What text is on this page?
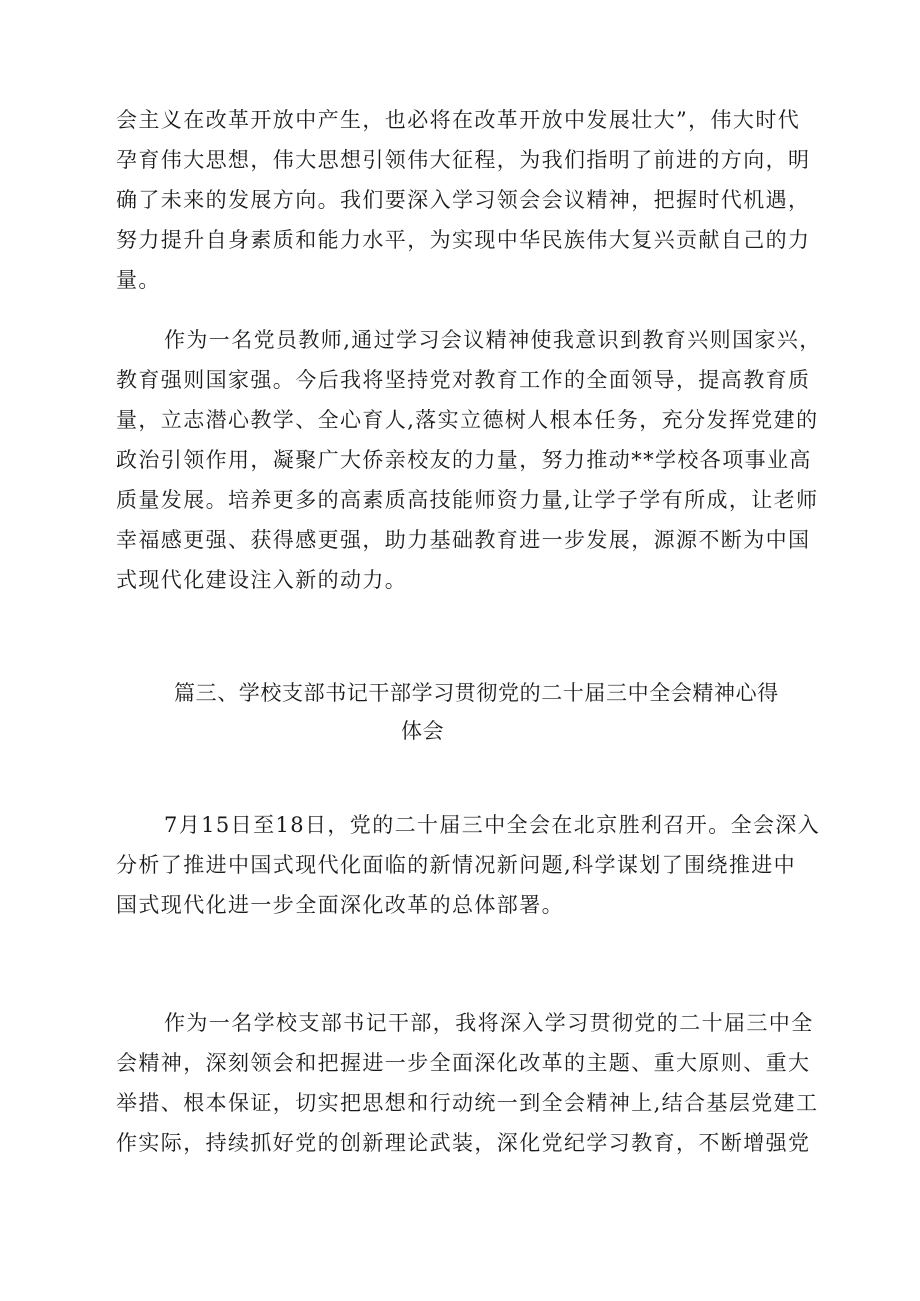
会主义在改革开放中产生，也必将在改革开放中发展壮大”，伟大时代
孕育伟大思想，伟大思想引领伟大征程，为我们指明了前进的方向，明
确了未来的发展方向。我们要深入学习领会会议精神，把握时代机遇，
努力提升自身素质和能力水平，为实现中华民族伟大复兴贡献自己的力
量。
作为一名党员教师,通过学习会议精神使我意识到教育兴则国家兴，
教育强则国家强。今后我将坚持党对教育工作的全面领导，提高教育质
量，立志潜心教学、全心育人,落实立德树人根本任务，充分发挥党建的
政治引领作用，凝聚广大侨亲校友的力量，努力推动**学校各项事业高
质量发展。培养更多的高素质高技能师资力量,让学子学有所成，让老师
幸福感更强、获得感更强，助力基础教育进一步发展，源源不断为中国
式现代化建设注入新的动力。
篇三、学校支部书记干部学习贯彻党的二十届三中全会精神心得
体会
7月15日至18日，党的二十届三中全会在北京胜利召开。全会深入
分析了推进中国式现代化面临的新情况新问题,科学谋划了围绕推进中
国式现代化进一步全面深化改革的总体部署。
作为一名学校支部书记干部，我将深入学习贯彻党的二十届三中全
会精神，深刻领会和把握进一步全面深化改革的主题、重大原则、重大
举措、根本保证，切实把思想和行动统一到全会精神上,结合基层党建工
作实际，持续抓好党的创新理论武装，深化党纪学习教育，不断增强党
